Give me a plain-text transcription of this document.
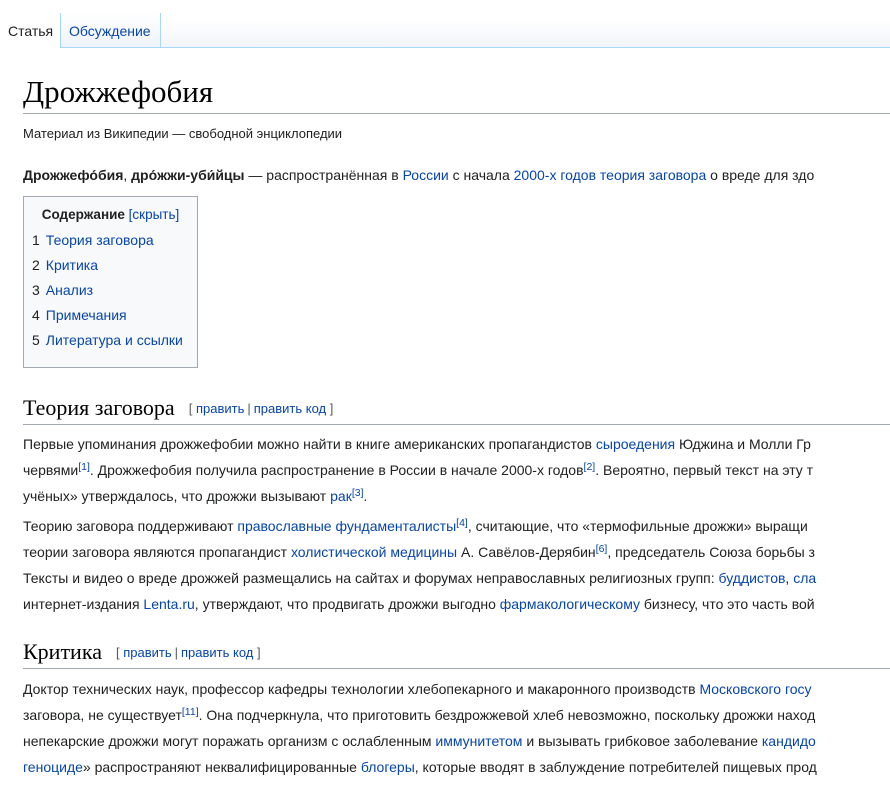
Статья	Обсуждение
Дрожжефобия
Материал из Википедии — свободной энциклопедии
Дрожжефо́бия, дро́жжи-уби́йцы — распространённая в России с начала 2000-х годов теория заговора о вреде для здо
Содержание [скрыть]
1 Теория заговора
2 Критика
3 Анализ
4 Примечания
5 Литература и ссылки
Теория заговора [ править | править код ]
Первые упоминания дрожжефобии можно найти в книге американских пропагандистов сыроедения Юджина и Молли Гр
червями[1]. Дрожжефобия получила распространение в России в начале 2000-х годов[2]. Вероятно, первый текст на эту т
учёных» утверждалось, что дрожжи вызывают рак[3].
Теорию заговора поддерживают православные фундаменталисты[4], считающие, что «термофильные дрожжи» выращи
теории заговора являются пропагандист холистической медицины А. Савёлов-Дерябин[6], председатель Союза борьбы з
Тексты и видео о вреде дрожжей размещались на сайтах и форумах неправославных религиозных групп: буддистов, сла
интернет-издания Lenta.ru, утверждают, что продвигать дрожжи выгодно фармакологическому бизнесу, что это часть вой
Критика [ править | править код ]
Доктор технических наук, профессор кафедры технологии хлебопекарного и макаронного производств Московского госу
заговора, не существует[11]. Она подчеркнула, что приготовить бездрожжевой хлеб невозможно, поскольку дрожжи наход
непекарские дрожжи могут поражать организм с ослабленным иммунитетом и вызывать грибковое заболевание кандидо
геноциде» распространяют неквалифицированные блогеры, которые вводят в заблуждение потребителей пищевых прод
